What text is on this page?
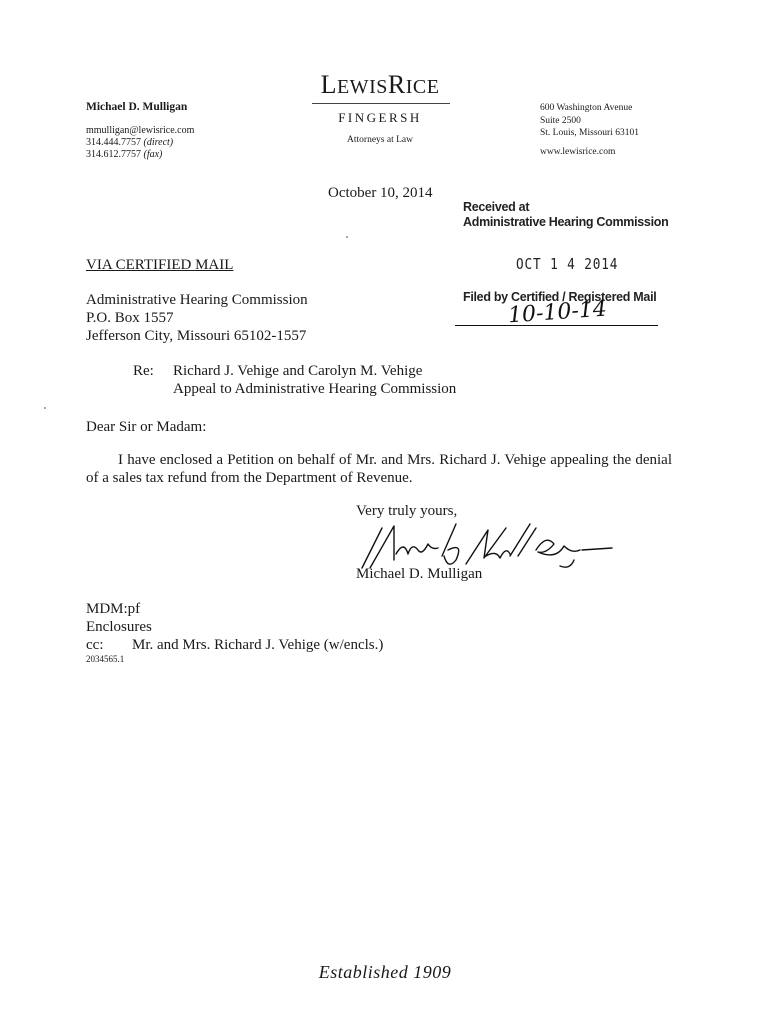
Michael D. Mulligan
mmulligan@lewisrice.com
314.444.7757 (direct)
314.612.7757 (fax)
LEWISRICE
FINGERSH
Attorneys at Law
600 Washington Avenue
Suite 2500
St. Louis, Missouri 63101
www.lewisrice.com
October 10, 2014
Received at
Administrative Hearing Commission
OCT 1 4 2014
Filed by Certified / Registered Mail
10-10-14
VIA CERTIFIED MAIL
Administrative Hearing Commission
P.O. Box 1557
Jefferson City, Missouri 65102-1557
Re: Richard J. Vehige and Carolyn M. Vehige
Appeal to Administrative Hearing Commission
Dear Sir or Madam:
I have enclosed a Petition on behalf of Mr. and Mrs. Richard J. Vehige appealing the denial of a sales tax refund from the Department of Revenue.
Very truly yours,
Michael D. Mulligan
MDM:pf
Enclosures
cc: Mr. and Mrs. Richard J. Vehige (w/encls.)
2034565.1
Established 1909
